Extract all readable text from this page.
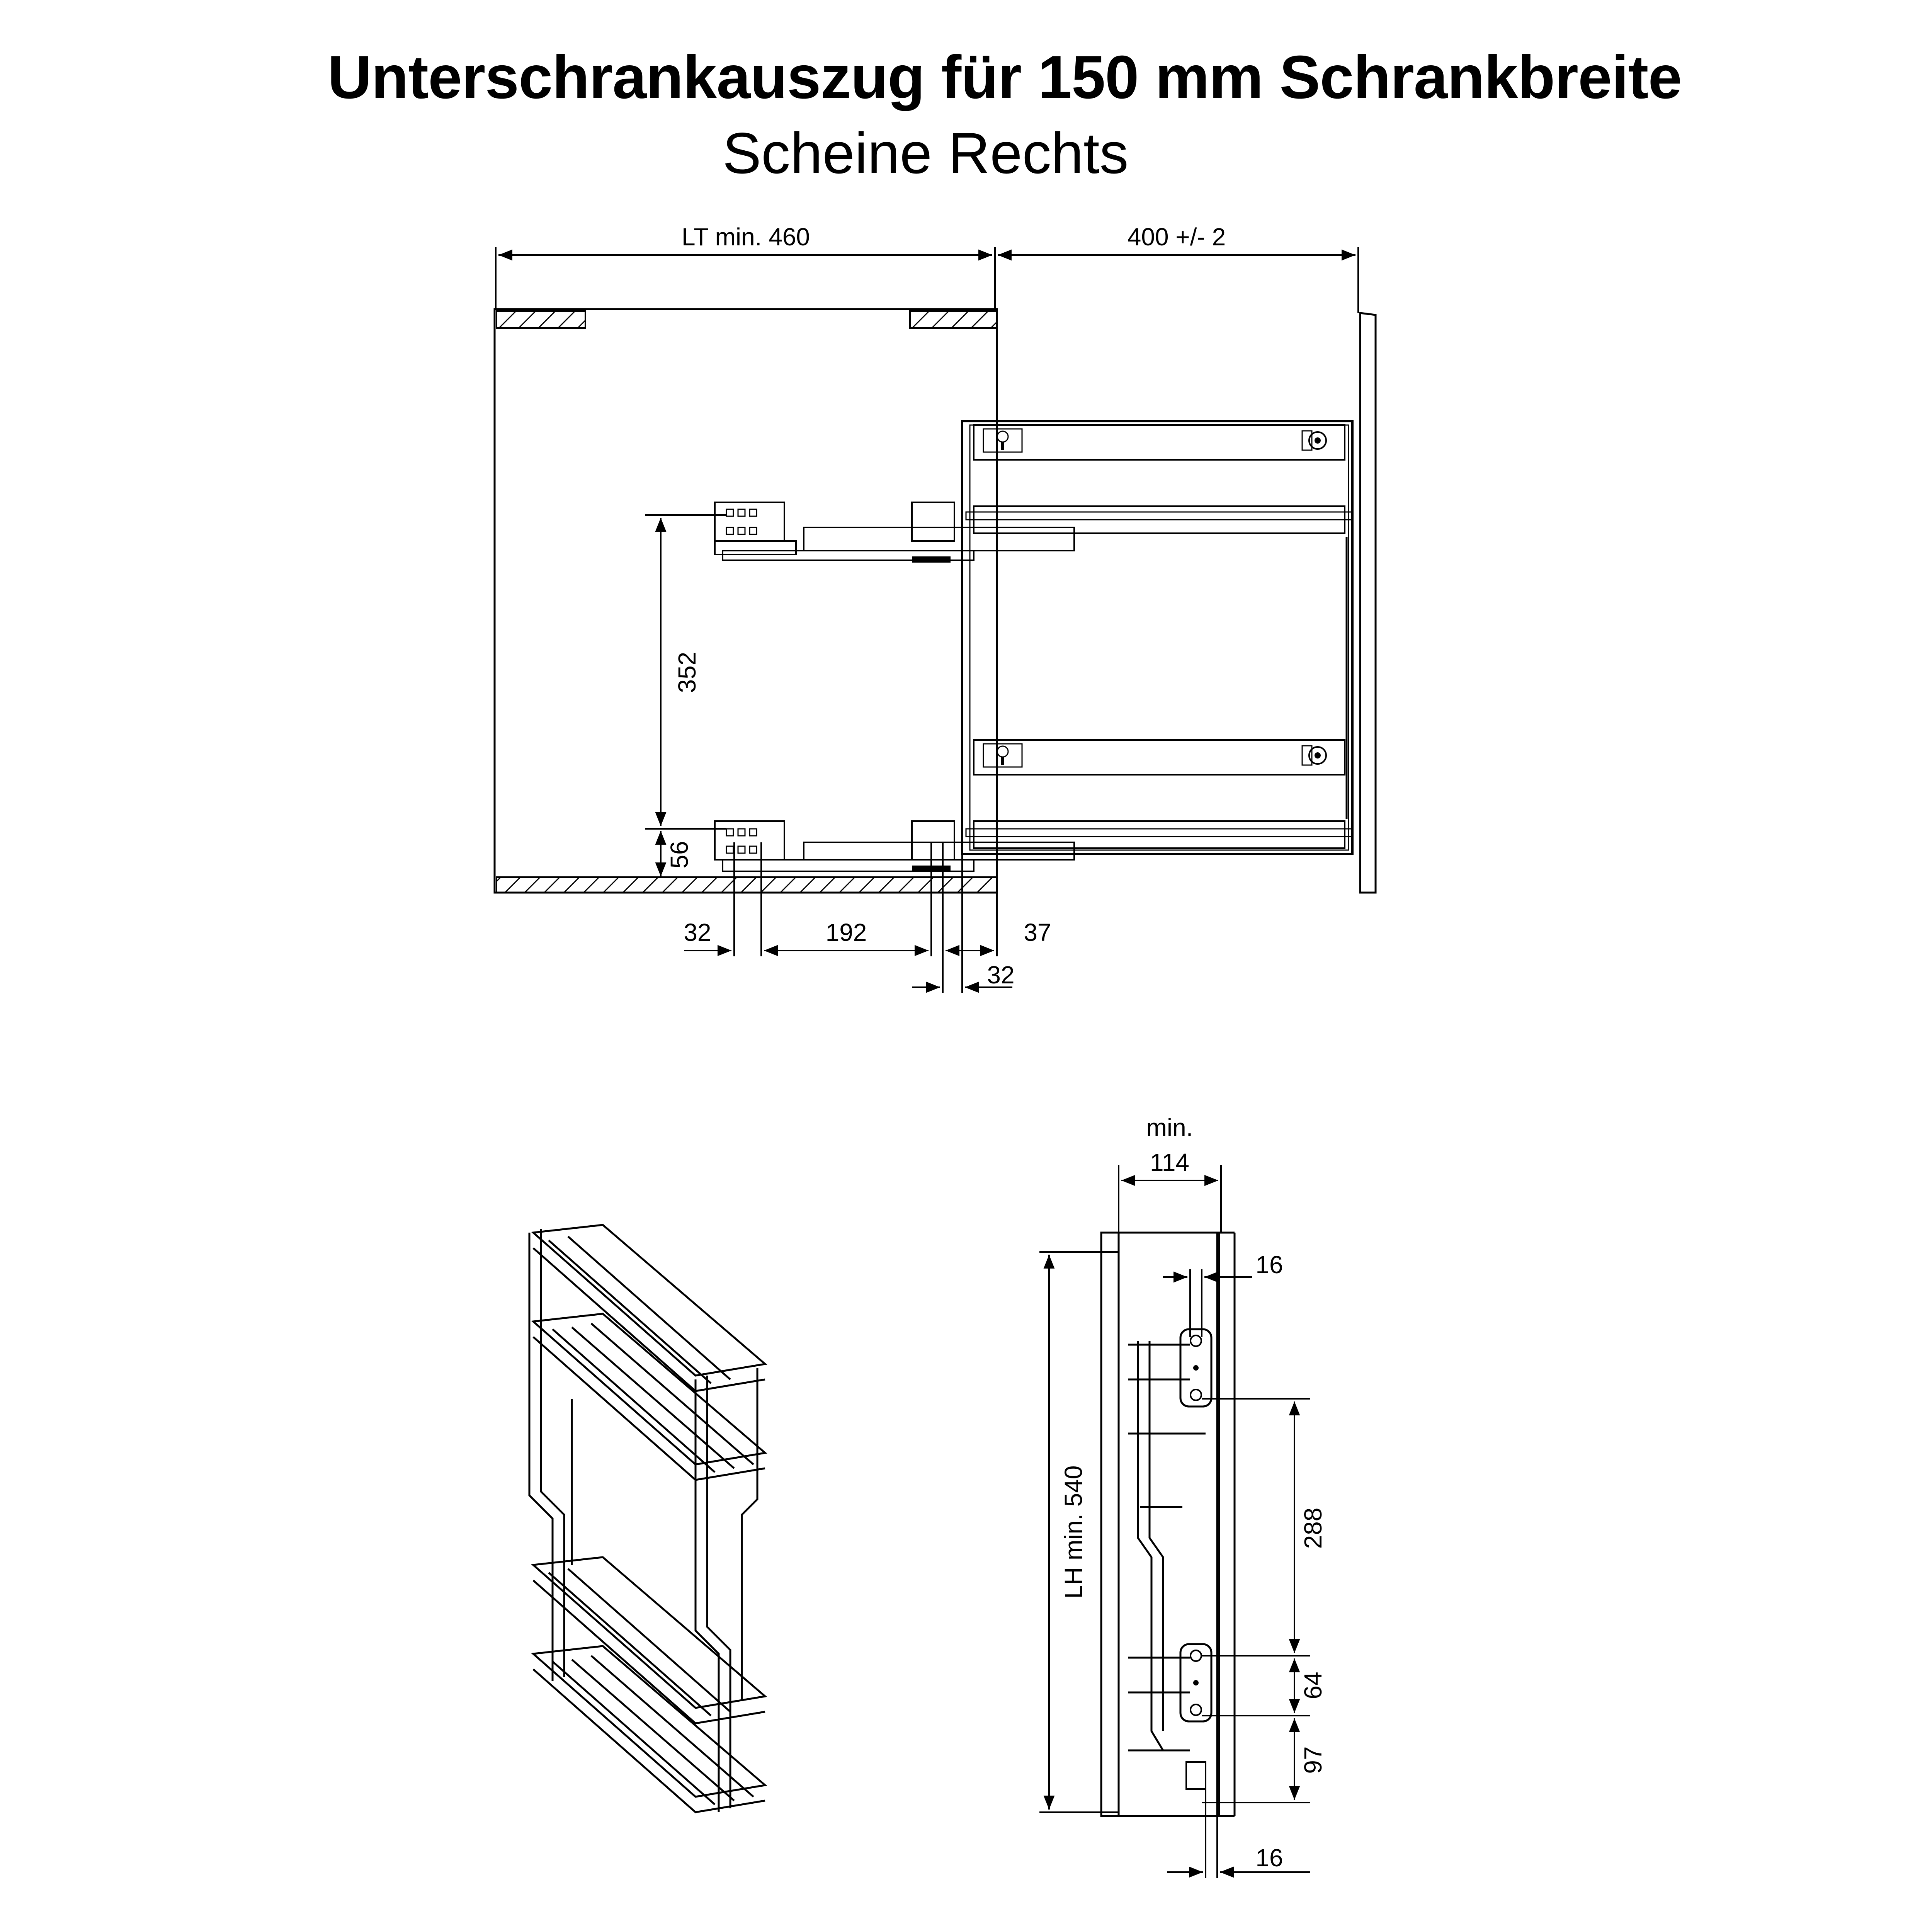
Unterschrankauszug für 150 mm Schrankbreite
Scheine Rechts
LT min. 460	400 +/- 2
352
56
32	192	37
32
min.
114
16
LH min. 540	288
64
97
16
